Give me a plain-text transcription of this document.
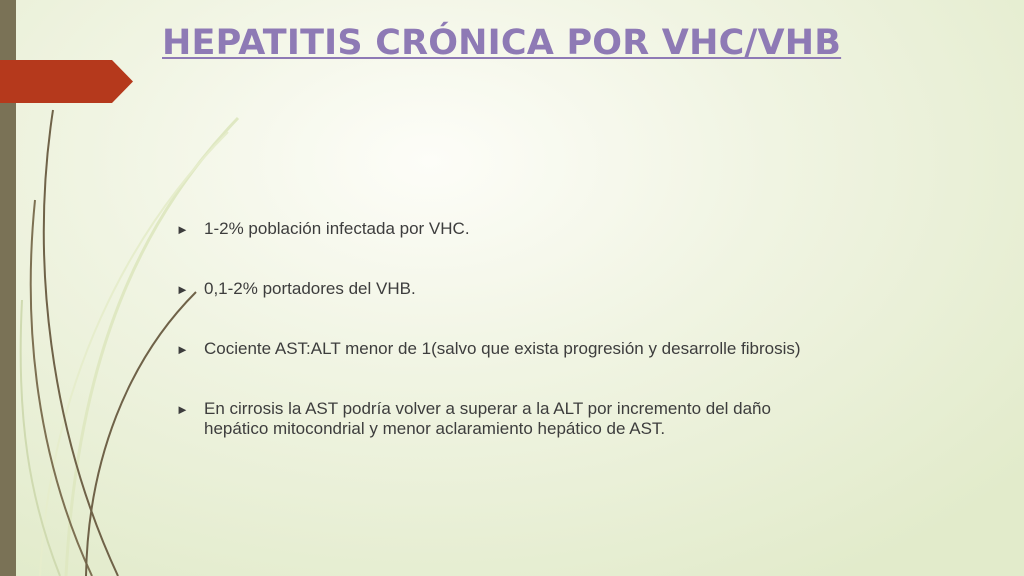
HEPATITIS CRÓNICA POR VHC/VHB
► 1-2% población infectada por VHC.
► 0,1-2% portadores del VHB.
► Cociente AST:ALT menor de 1(salvo que exista progresión y desarrolle fibrosis)
► En cirrosis la AST podría volver a superar a la ALT por incremento del daño hepático mitocondrial y menor aclaramiento hepático de AST.
